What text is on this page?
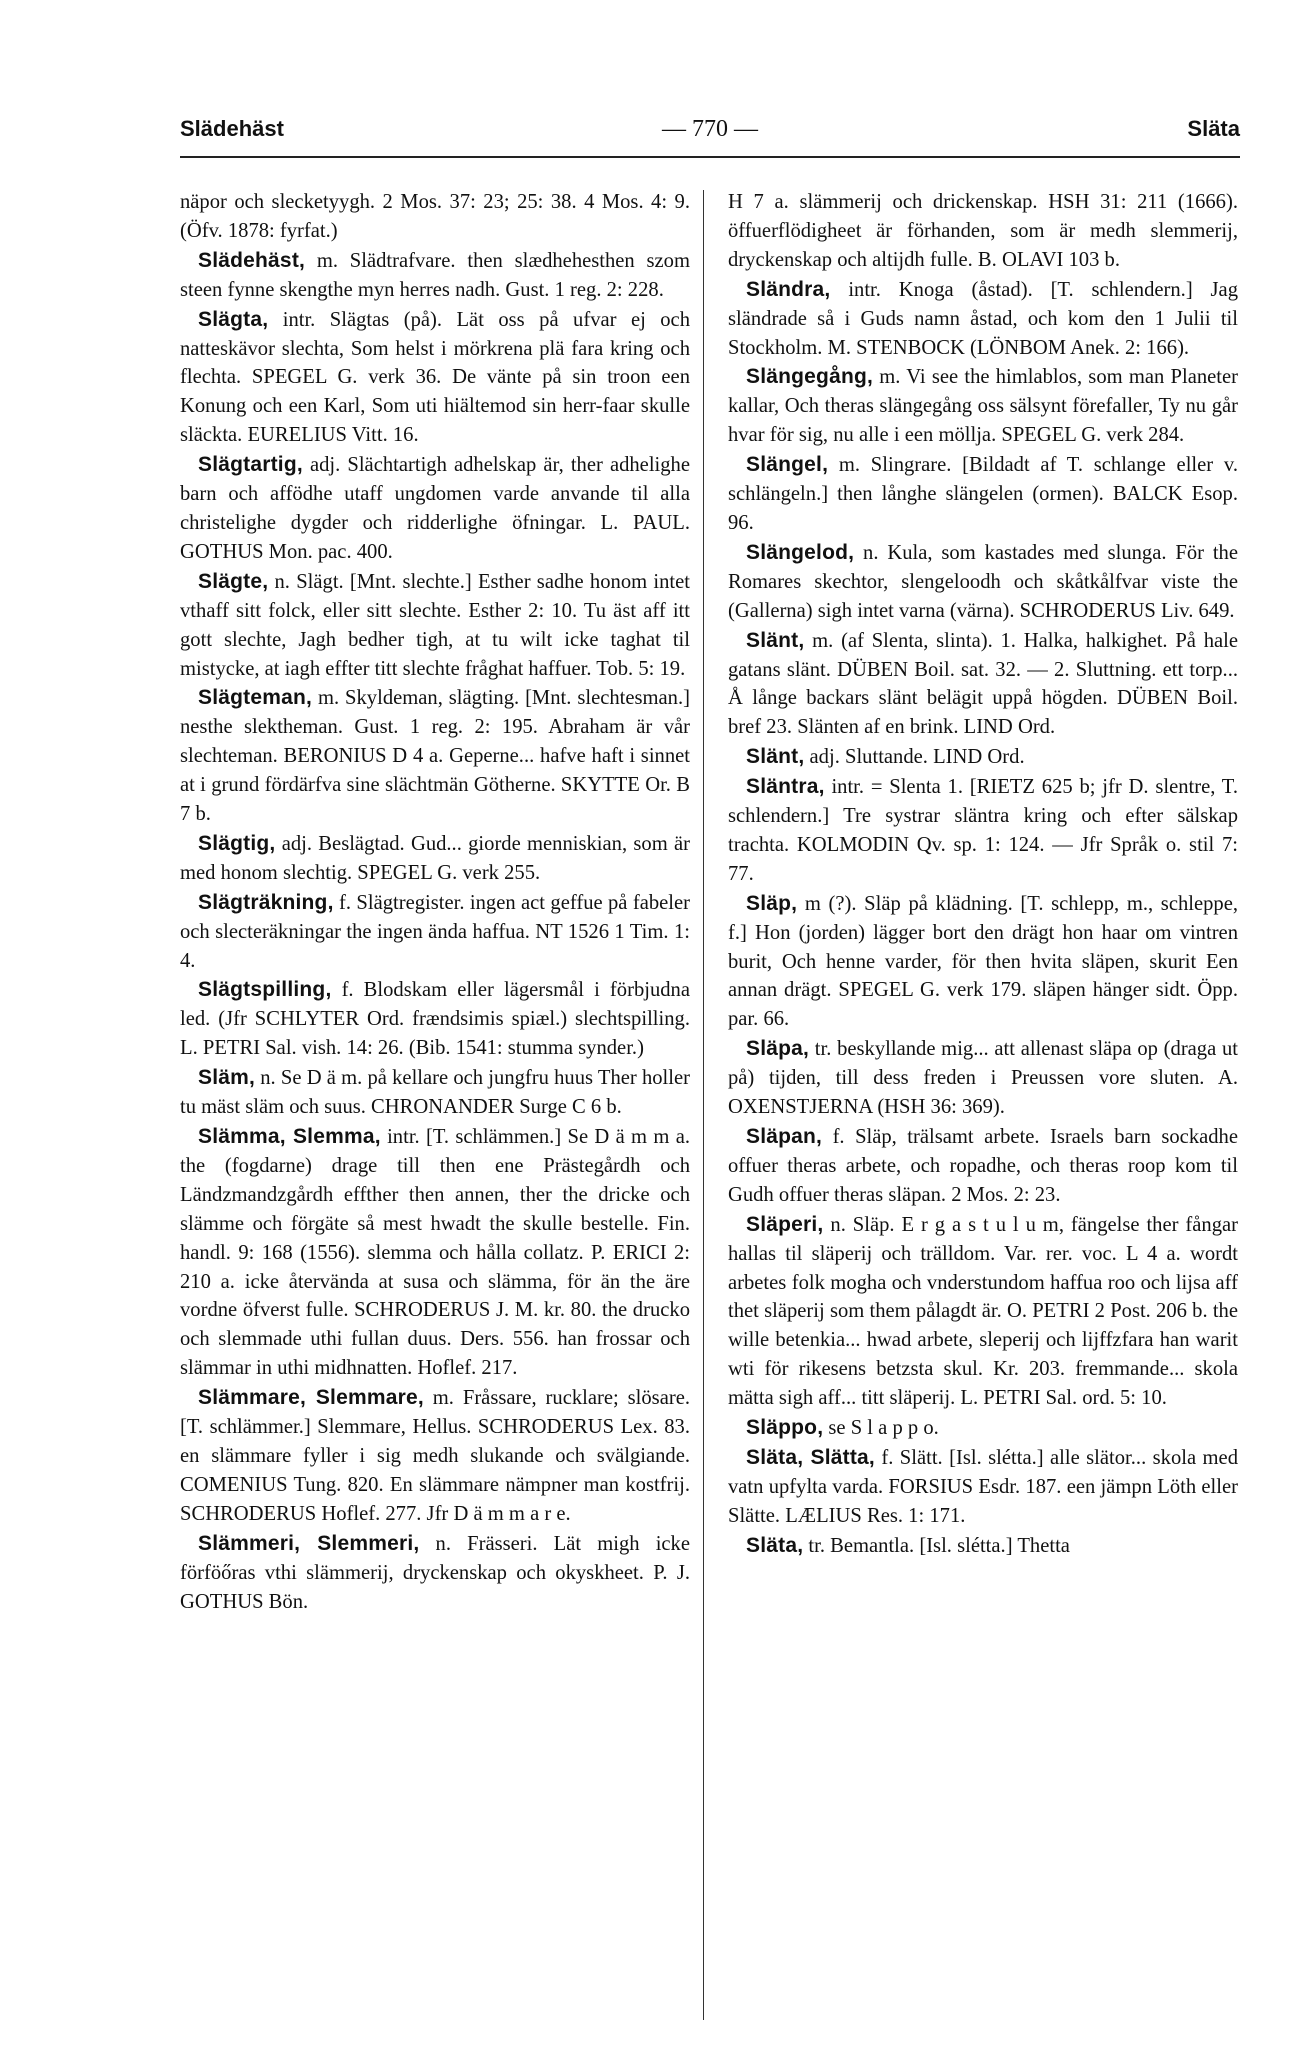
Slädehäst	— 770 —	Släta

näpor och slecketyygh. 2 Mos. 37: 23; 25: 38. 4 Mos. 4: 9. (Öfv. 1878: fyrfat.)

Slädehäst, m. Slädtrafvare. then slædhehesthen szom steen fynne skengthe myn herres nadh. Gust. 1 reg. 2: 228.

Slägta, intr. Slägtas (på). Lät oss på ufvar ej och natteskävor slechta, Som helst i mörkrena plä fara kring och flechta. SPEGEL G. verk 36. De vänte på sin troon een Konung och een Karl, Som uti hiältemod sin herr-faar skulle släckta. EURELIUS Vitt. 16.

Slägtartig, adj. Slächtartigh adhelskap är, ther adhelighe barn och affödhe utaff ungdomen varde anvande til alla christelighe dygder och ridderlighe öfningar. L. PAUL. GOTHUS Mon. pac. 400.

Slägte, n. Slägt. [Mnt. slechte.] Esther sadhe honom intet vthaff sitt folck, eller sitt slechte. Esther 2: 10. Tu äst aff itt gott slechte, Jagh bedher tigh, at tu wilt icke taghat til mistycke, at iagh effter titt slechte fråghat haffuer. Tob. 5: 19.

Slägteman, m. Skyldeman, slägting. [Mnt. slechtesman.] nesthe slektheman. Gust. 1 reg. 2: 195. Abraham är vår slechteman. BERONIUS D 4 a. Geperne... hafve haft i sinnet at i grund fördärfva sine slächtmän Götherne. SKYTTE Or. B 7 b.

Slägtig, adj. Beslägtad. Gud... giorde menniskian, som är med honom slechtig. SPEGEL G. verk 255.

Slägträkning, f. Slägtregister. ingen act geffue på fabeler och slecteräkningar the ingen ända haffua. NT 1526 1 Tim. 1: 4.

Slägtspilling, f. Blodskam eller lägersmål i förbjudna led. (Jfr SCHLYTER Ord. frændsimis spiæl.) slechtspilling. L. PETRI Sal. vish. 14: 26. (Bib. 1541: stumma synder.)

Släm, n. Se D ä m. på kellare och jungfru huus Ther holler tu mäst släm och suus. CHRONANDER Surge C 6 b.

Slämma, Slemma, intr. [T. schlämmen.] Se D ä m m a. the (fogdarne) drage till then ene Prästegårdh och Ländzmandzgårdh effther then annen, ther the dricke och slämme och förgäte så mest hwadt the skulle bestelle. Fin. handl. 9: 168 (1556). slemma och hålla collatz. P. ERICI 2: 210 a. icke återvända at susa och slämma, för än the äre vordne öfverst fulle. SCHRODERUS J. M. kr. 80. the drucko och slemmade uthi fullan duus. Ders. 556. han frossar och slämmar in uthi midhnatten. Hoflef. 217.

Slämmare, Slemmare, m. Fråssare, rucklare; slösare. [T. schlämmer.] Slemmare, Hellus. SCHRODERUS Lex. 83. en slämmare fyller i sig medh slukande och svälgiande. COMENIUS Tung. 820. En slämmare nämpner man kostfrij. SCHRODERUS Hoflef. 277. Jfr D ä m m a r e.

Slämmeri, Slemmeri, n. Frässeri. Lät migh icke förföőras vthi slämmerij, dryckenskap och okyskheet. P. J. GOTHUS Bön.

H 7 a. slämmerij och drickenskap. HSH 31: 211 (1666). öffuerflödigheet är förhanden, som är medh slemmerij, dryckenskap och altijdh fulle. B. OLAVI 103 b.

Sländra, intr. Knoga (åstad). [T. schlendern.] Jag sländrade så i Guds namn åstad, och kom den 1 Julii til Stockholm. M. STENBOCK (LÖNBOM Anek. 2: 166).

Slängegång, m. Vi see the himlablos, som man Planeter kallar, Och theras slängegång oss sälsynt förefaller, Ty nu går hvar för sig, nu alle i een möllja. SPEGEL G. verk 284.

Slängel, m. Slingrare. [Bildadt af T. schlange eller v. schlängeln.] then långhe slängelen (ormen). BALCK Esop. 96.

Slängelod, n. Kula, som kastades med slunga. För the Romares skechtor, slengeloodh och skåtkålfvar viste the (Gallerna) sigh intet varna (värna). SCHRODERUS Liv. 649.

Slänt, m. (af Slenta, slinta). 1. Halka, halkighet. På hale gatans slänt. DÜBEN Boil. sat. 32. — 2. Sluttning. ett torp... Å långe backars slänt belägit uppå högden. DÜBEN Boil. bref 23. Slänten af en brink. LIND Ord.

Slänt, adj. Sluttande. LIND Ord.

Släntra, intr. = Slenta 1. [RIETZ 625 b; jfr D. slentre, T. schlendern.] Tre systrar släntra kring och efter sälskap trachta. KOLMODIN Qv. sp. 1: 124. — Jfr Språk o. stil 7: 77.

Släp, m (?). Släp på klädning. [T. schlepp, m., schleppe, f.] Hon (jorden) lägger bort den drägt hon haar om vintren burit, Och henne varder, för then hvita släpen, skurit Een annan drägt. SPEGEL G. verk 179. släpen hänger sidt. Öpp. par. 66.

Släpa, tr. beskyllande mig... att allenast släpa op (draga ut på) tijden, till dess freden i Preussen vore sluten. A. OXENSTJERNA (HSH 36: 369).

Släpan, f. Släp, trälsamt arbete. Israels barn sockadhe offuer theras arbete, och ropadhe, och theras roop kom til Gudh offuer theras släpan. 2 Mos. 2: 23.

Släperi, n. Släp. E r g a s t u l u m, fängelse ther fångar hallas til släperij och trälldom. Var. rer. voc. L 4 a. wordt arbetes folk mogha och vnderstundom haffua roo och lijsa aff thet släperij som them pålagdt är. O. PETRI 2 Post. 206 b. the wille betenkia... hwad arbete, sleperij och lijffzfara han warit wti för rikesens betzsta skul. Kr. 203. fremmande... skola mätta sigh aff... titt släperij. L. PETRI Sal. ord. 5: 10.

Släppo, se S l a p p o.

Släta, Slätta, f. Slätt. [Isl. slétta.] alle slätor... skola med vatn upfylta varda. FORSIUS Esdr. 187. een jämpn Löth eller Slätte. LÆLIUS Res. 1: 171.

Släta, tr. Bemantla. [Isl. slétta.] Thetta
